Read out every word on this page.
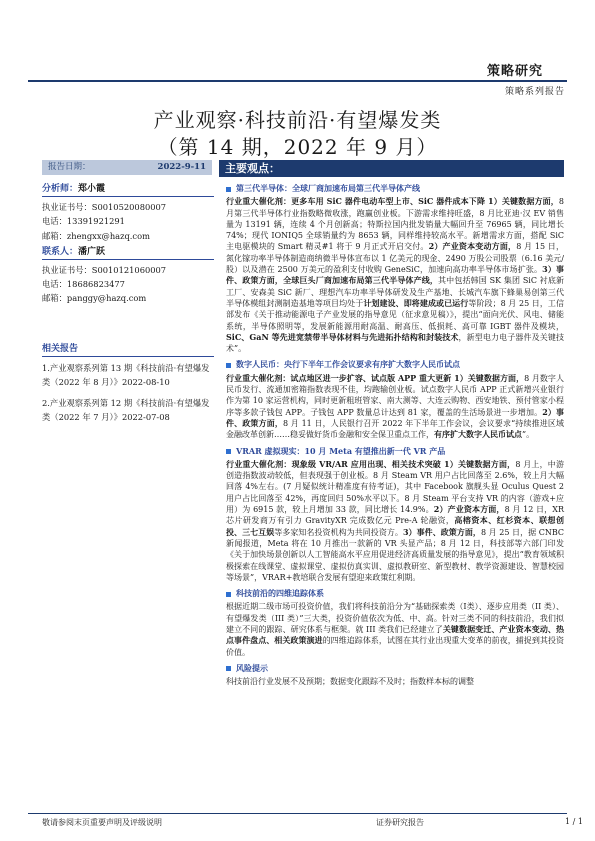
策略研究
策略系列报告
产业观察·科技前沿·有望爆发类
（第 14 期，2022 年 9 月）
报告日期：	2022-9-11
分析师：郑小霞
执业证书号：S0010520080007
电话：13391921291
邮箱：zhengxx@hazq.com
联系人：潘广跃
执业证书号：S0010121060007
电话：18686823477
邮箱：panggy@hazq.com
相关报告
1.产业观察系列第 13 期《科技前沿·有望爆发类（2022 年 8 月）》2022-08-10
2.产业观察系列第 12 期《科技前沿·有望爆发类（2022 年 7 月）》2022-07-08
主要观点：
第三代半导体：全球厂商加速布局第三代半导体产线
行业重大催化剂：更多车用 SiC 器件电动车型上市、SiC 器件成本下降 1）关键数据方面，8 月第三代半导体行业指数略微收涨，跑赢创业板。下游需求维持旺盛，8 月比亚迪·汉 EV 销售量为 13191 辆，连续 4 个月创新高；特斯拉国内批发销量大幅回升至 76965 辆，同比增长 74%；现代 IONIQ5 全球销量约为 8653 辆，同样维持较高水平。新增需求方面，搭配 SiC 主电驱模块的 Smart 精灵#1 将于 9 月正式开启交付。2）产业资本变动方面，8 月 15 日，氮化镓功率半导体制造商纳微半导体宣布以 1 亿美元的现金、2490 万股公司股票（6.16 美元/股）以及潜在 2500 万美元的盈利支付收购 GeneSiC，加速向高功率半导体市场扩张。3）事件、政策方面，全球巨头厂商加速布局第三代半导体产线，其中包括韩国 SK 集团 SiC 衬底新工厂、安森美 SiC 新厂、理想汽车功率半导体研发及生产基地、长城汽车旗下蜂巢易创第三代半导体模组封测制造基地等项目均处于计划建设、即将建成或已运行等阶段；8 月 25 日，工信部发布《关于推动能源电子产业发展的指导意见（征求意见稿）》，提出“面向光伏、风电、储能系统，半导体照明等，发展新能源用耐高温、耐高压、低损耗、高可靠 IGBT 器件及模块，SiC、GaN 等先进宽禁带半导体材料与先进拓扑结构和封装技术，新型电力电子器件及关键技术”。
数字人民币：央行下半年工作会议要求有序扩大数字人民币试点
行业重大催化剂：试点地区进一步扩容、试点版 APP 重大更新 1）关键数据方面，8 月数字人民币发行、流通加密箱指数表现不佳，均跑输创业板。试点数字人民币 APP 正式新增兴业银行作为第 10 家运营机构，同时更新粗班管家、南大测等、大连云购物、西安地铁、预付管家小程序等多款子钱包 APP。子钱包 APP 数量总计达到 81 家，覆盖的生活场景进一步增加。2）事件、政策方面，8 月 11 日，人民银行召开 2022 年下半年工作会议，会议要求“持续推进区域金融改革创新……稳妥做好货币金融和安全保卫重点工作，有序扩大数字人民币试点”。
VRAR 虚拟现实：10 月 Meta 有望推出新一代 VR 产品
行业重大催化剂：现象级 VR/AR 应用出现、相关技术突破 1）关键数据方面，8 月上，中游创造指数波动较低，但表现强于创业板。8 月 Steam VR 用户占比回落至 2.6%，较上月大幅回落 4%左右。(7 月疑似统计精准度有待考证)，其中 Facebook 旗舰头显 Oculus Quest 2 用户占比回落至 42%，再度回归 50%水平以下。8 月 Steam 平台支持 VR 的内容（游戏+应用）为 6915 款，较上月增加 33 款，同比增长 14.9%。2）产业资本方面，8 月 12 日，XR 芯片研发商万有引力 GravityXR 完成数亿元 Pre-A 轮融资，高榕资本、红杉资本、联想创投、三七互娱等多家知名投资机构为共同投资方。3）事件、政策方面，8 月 25 日，据 CNBC 新闻报道，Meta 将在 10 月推出一款新的 VR 头显产品；8 月 12 日，科技部等六部门印发《关于加快场景创新以人工智能高水平应用促进经济高质量发展的指导意见》，提出“教育领域积极探索在线课堂、虚拟课堂、虚拟仿真实训、虚拟教研室、新型教材、教学资源建设、智慧校园等场景”，VRAR+教培联合发展有望迎来政策红利期。
科技前沿的四维追踪体系
根据近期二级市场可投资价值，我们将科技前沿分为“基础探索类（I类）、逐步应用类（II 类）、有望爆发类（III 类）”三大类，投资价值依次为低、中、高。针对三类不同的科技前沿，我们拟建立不同的跟踪、研究体系与框架。就 III 类我们已经建立了关键数据变迁、产业资本变动、热点事件盘点、相关政策演进的四维追踪体系，试图在其行业出现重大变革的前夜，捕捉到其投资价值。
风险提示
科技前沿行业发展不及预期；数据变化跟踪不及时；指数样本标的调整
敬请参阅末页重要声明及评级说明	证券研究报告	1 / 1
